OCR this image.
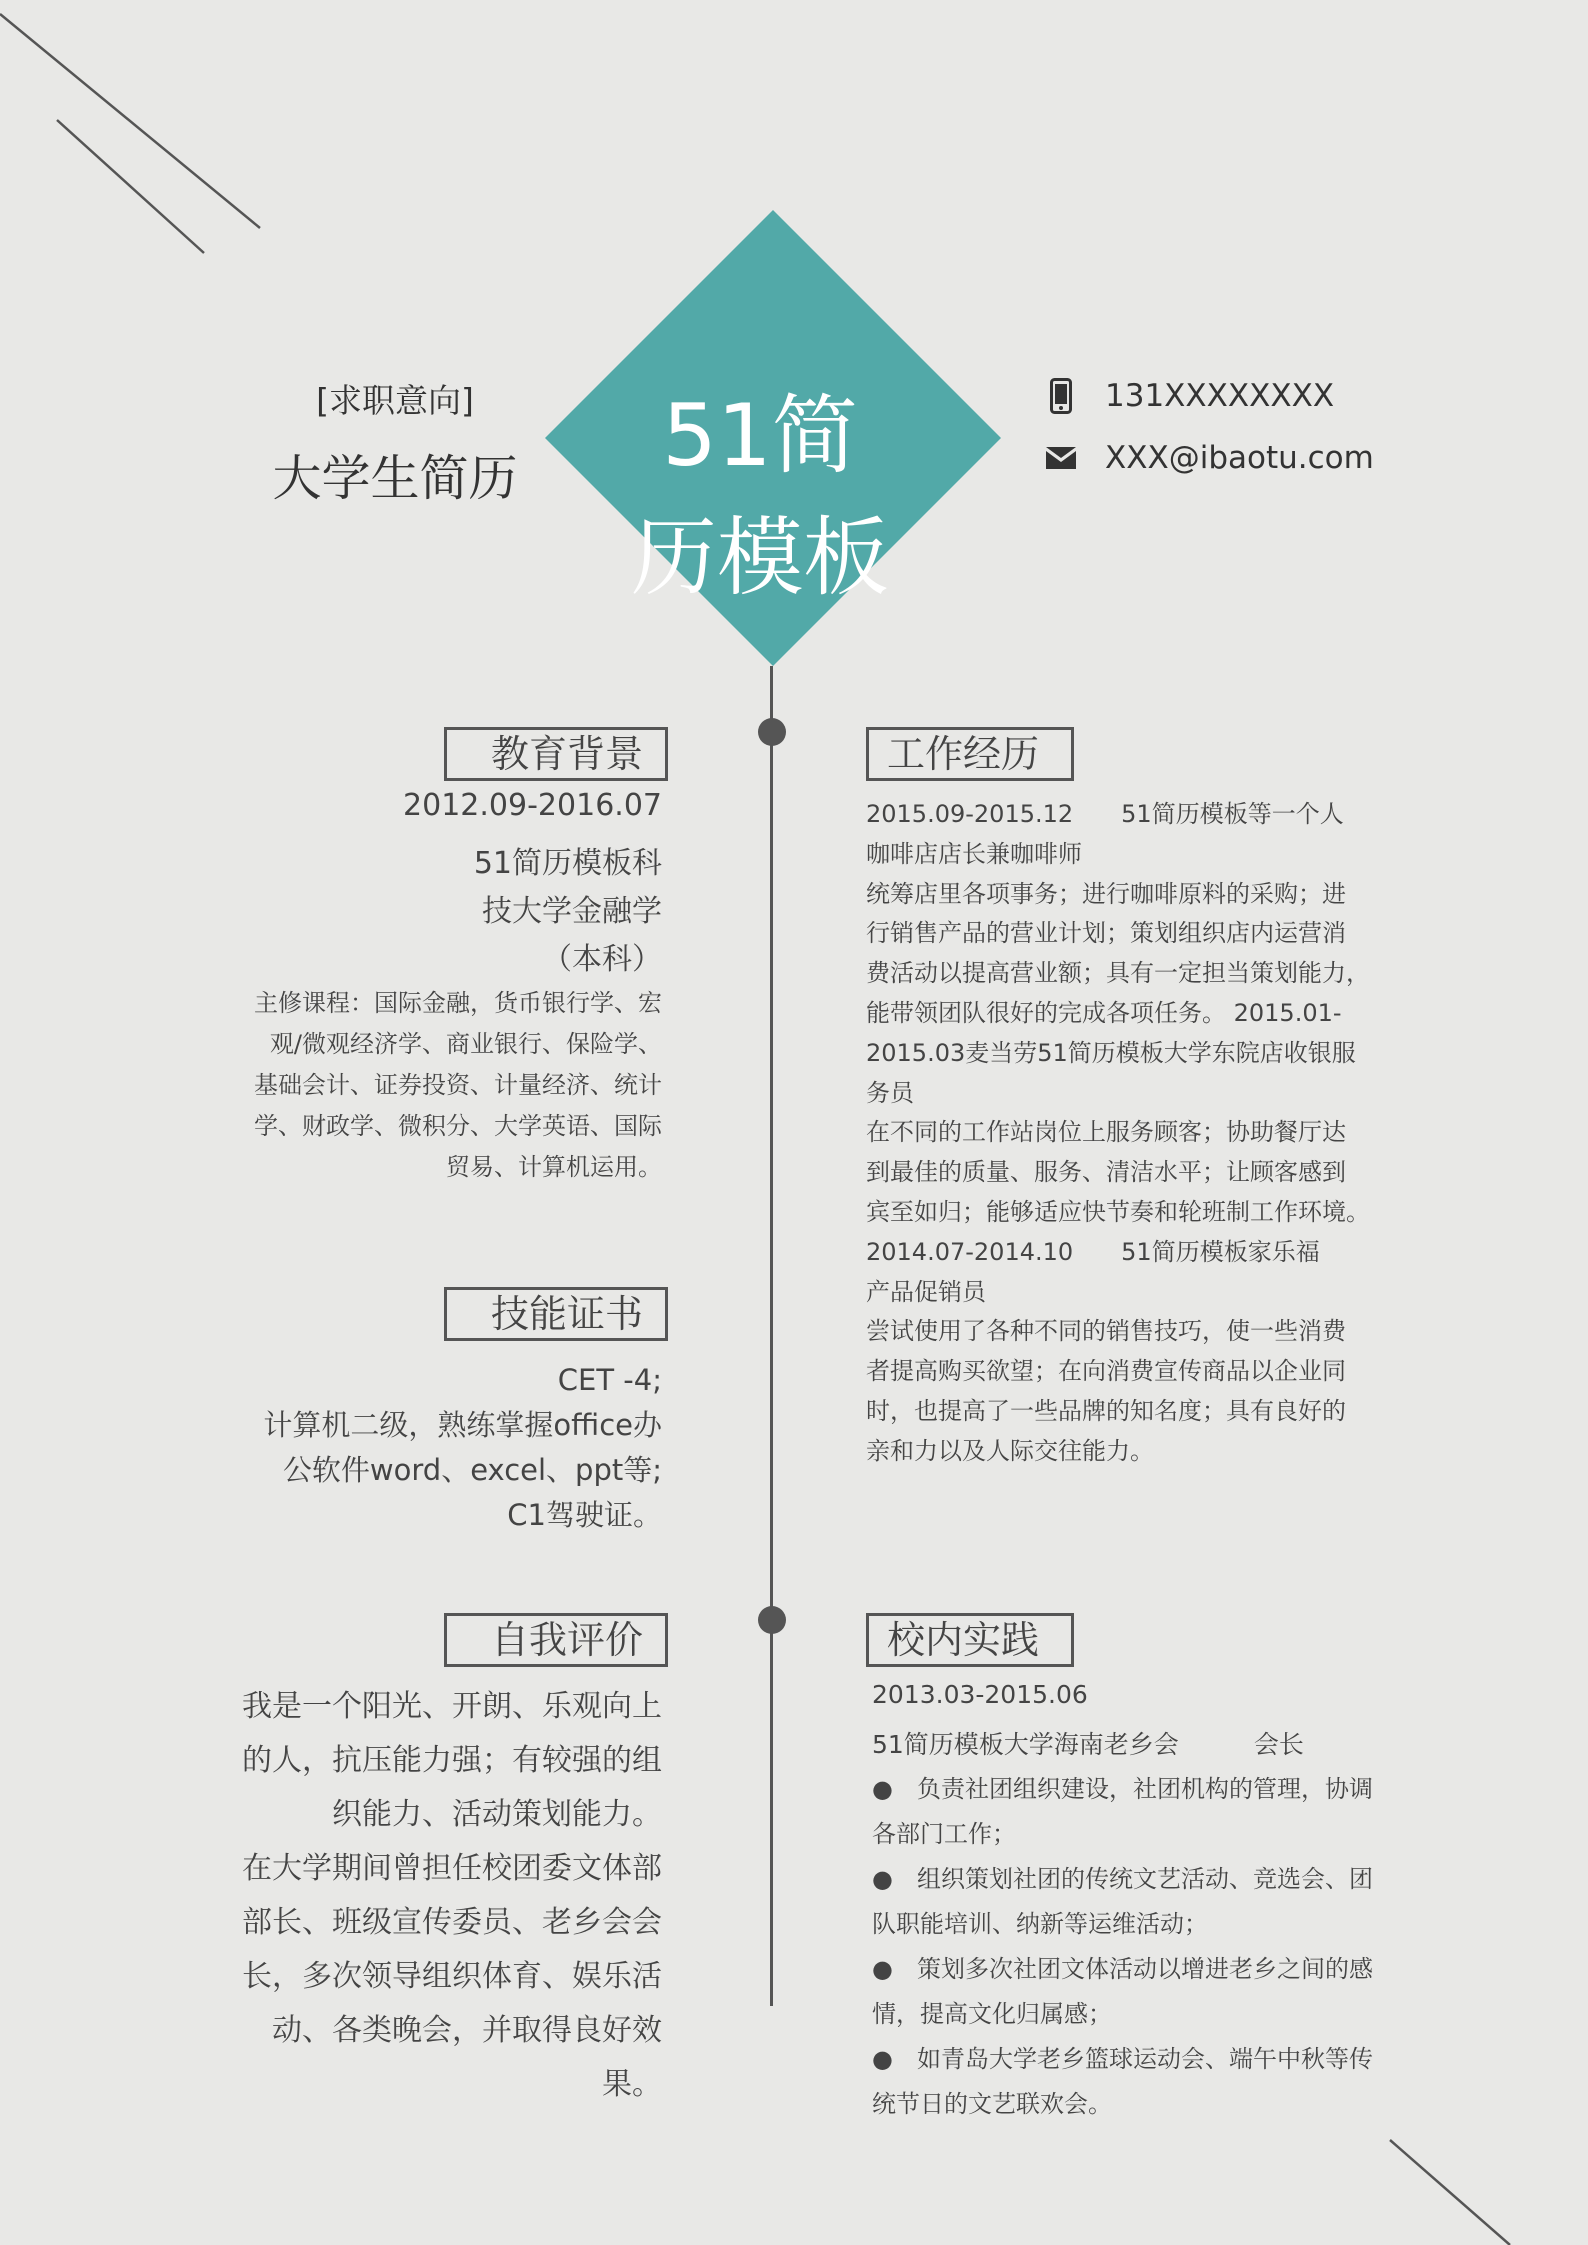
[求职意向]
大学生简历	51简
历模板
131XXXXXXXX
XXX@ibaotu.com
教育背景
2012.09-2016.07
51简历模板科
技大学金融学
（本科）
主修课程：国际金融，货币银行学、宏
观/微观经济学、商业银行、保险学、
基础会计、证券投资、计量经济、统计
学、财政学、微积分、大学英语、国际
贸易、计算机运用。
技能证书
CET -4;
计算机二级，熟练掌握office办
公软件word、excel、ppt等;
C1驾驶证。
自我评价
我是一个阳光、开朗、乐观向上
的人，抗压能力强；有较强的组
织能力、活动策划能力。
在大学期间曾担任校团委文体部
部长、班级宣传委员、老乡会会
长，多次领导组织体育、娱乐活
动、各类晚会，并取得良好效
果。
工作经历
2015.09-2015.12　　51简历模板等一个人
咖啡店店长兼咖啡师
统筹店里各项事务；进行咖啡原料的采购；进
行销售产品的营业计划；策划组织店内运营消
费活动以提高营业额；具有一定担当策划能力，
能带领团队很好的完成各项任务。 2015.01-
2015.03麦当劳51简历模板大学东院店收银服
务员
在不同的工作站岗位上服务顾客；协助餐厅达
到最佳的质量、服务、清洁水平；让顾客感到
宾至如归；能够适应快节奏和轮班制工作环境。
2014.07-2014.10　　51简历模板家乐福
产品促销员
尝试使用了各种不同的销售技巧，使一些消费
者提高购买欲望；在向消费宣传商品以企业同
时，也提高了一些品牌的知名度；具有良好的
亲和力以及人际交往能力。
校内实践
2013.03-2015.06
51简历模板大学海南老乡会　　　会长
●　负责社团组织建设，社团机构的管理，协调
各部门工作；
●　组织策划社团的传统文艺活动、竞选会、团
队职能培训、纳新等运维活动；
●　策划多次社团文体活动以增进老乡之间的感
情，提高文化归属感；
●　如青岛大学老乡篮球运动会、端午中秋等传
统节日的文艺联欢会。
